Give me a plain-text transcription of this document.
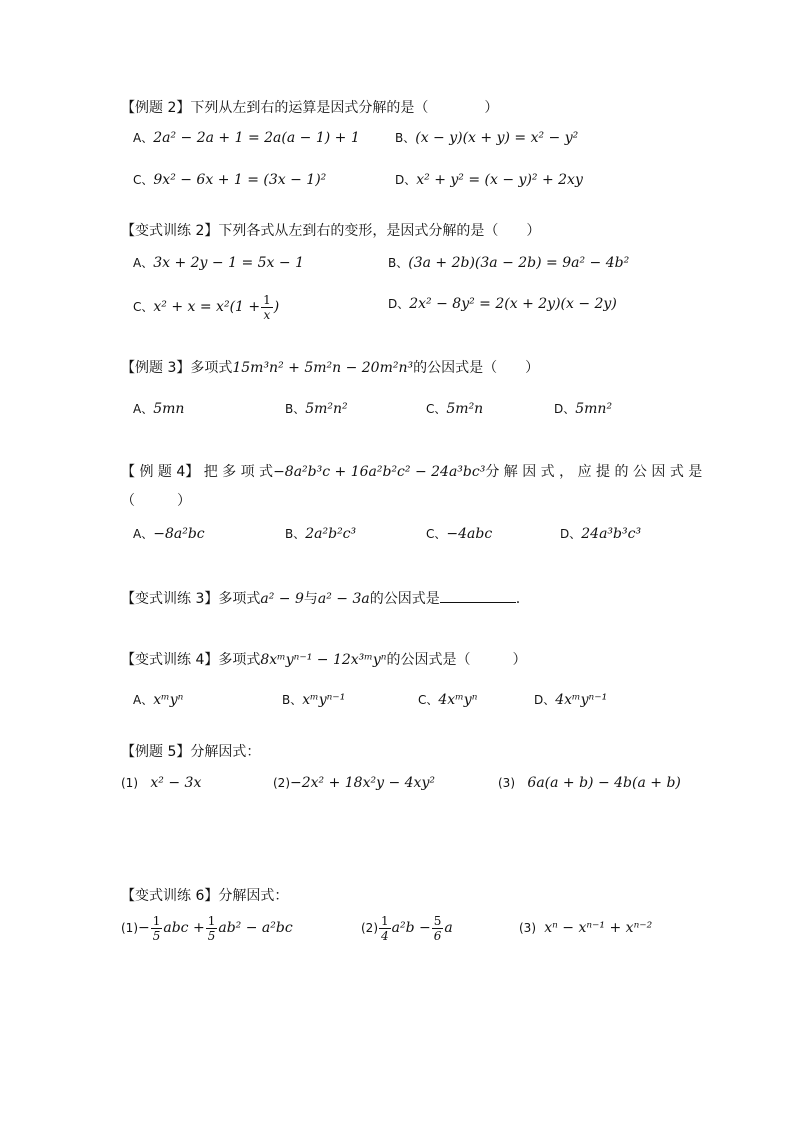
【例题 2】下列从左到右的运算是因式分解的是（　　　　）
A、2a² − 2a + 1 = 2a(a − 1) + 1	B、(x − y)(x + y) = x² − y²
C、9x² − 6x + 1 = (3x − 1)²	D、x² + y² = (x − y)² + 2xy
【变式训练 2】下列各式从左到右的变形，是因式分解的是（　　）
A、3x + 2y − 1 = 5x − 1	B、(3a + 2b)(3a − 2b) = 9a² − 4b²
C、$x^2 + x = x^2(1 + \frac{1}{x}$ )	D、2x² − 8y² = 2(x + 2y)(x − 2y)
【例题 3】多项式15m³n² + 5m²n − 20m²n³的公因式是（　　）
A、5mn	B、5m²n²	C、5m²n	D、5mn²
【 例 题 4】 把 多 项 式−8a²b³c + 16a²b²c² − 24a³bc³分 解 因 式 ， 应 提 的 公 因 式 是
（　　　）
A、−8a²bc	B、2a²b²c³	C、−4abc	D、24a³b³c³
【变式训练 3】多项式a² − 9与a² − 3a的公因式是	.
【变式训练 4】多项式8xᵐyⁿ⁻¹ − 12x³ᵐyⁿ的公因式是（　　　）
A、xᵐyⁿ	B、xᵐyⁿ⁻¹	C、4xᵐyⁿ	D、4xᵐyⁿ⁻¹
【例题 5】分解因式：
(1) x² − 3x	(2)−2x² + 18x²y − 4xy²	(3) 6a(a + b) − 4b(a + b)
【变式训练 6】分解因式：
$(1)- \frac{1}{5}$ abc + $\frac{1}{5} ab^2 - a^2bc$	$(2) \frac{1}{4} a^2b - \frac{5}{6}$ a	(3) xⁿ − xⁿ⁻¹ + xⁿ⁻²
